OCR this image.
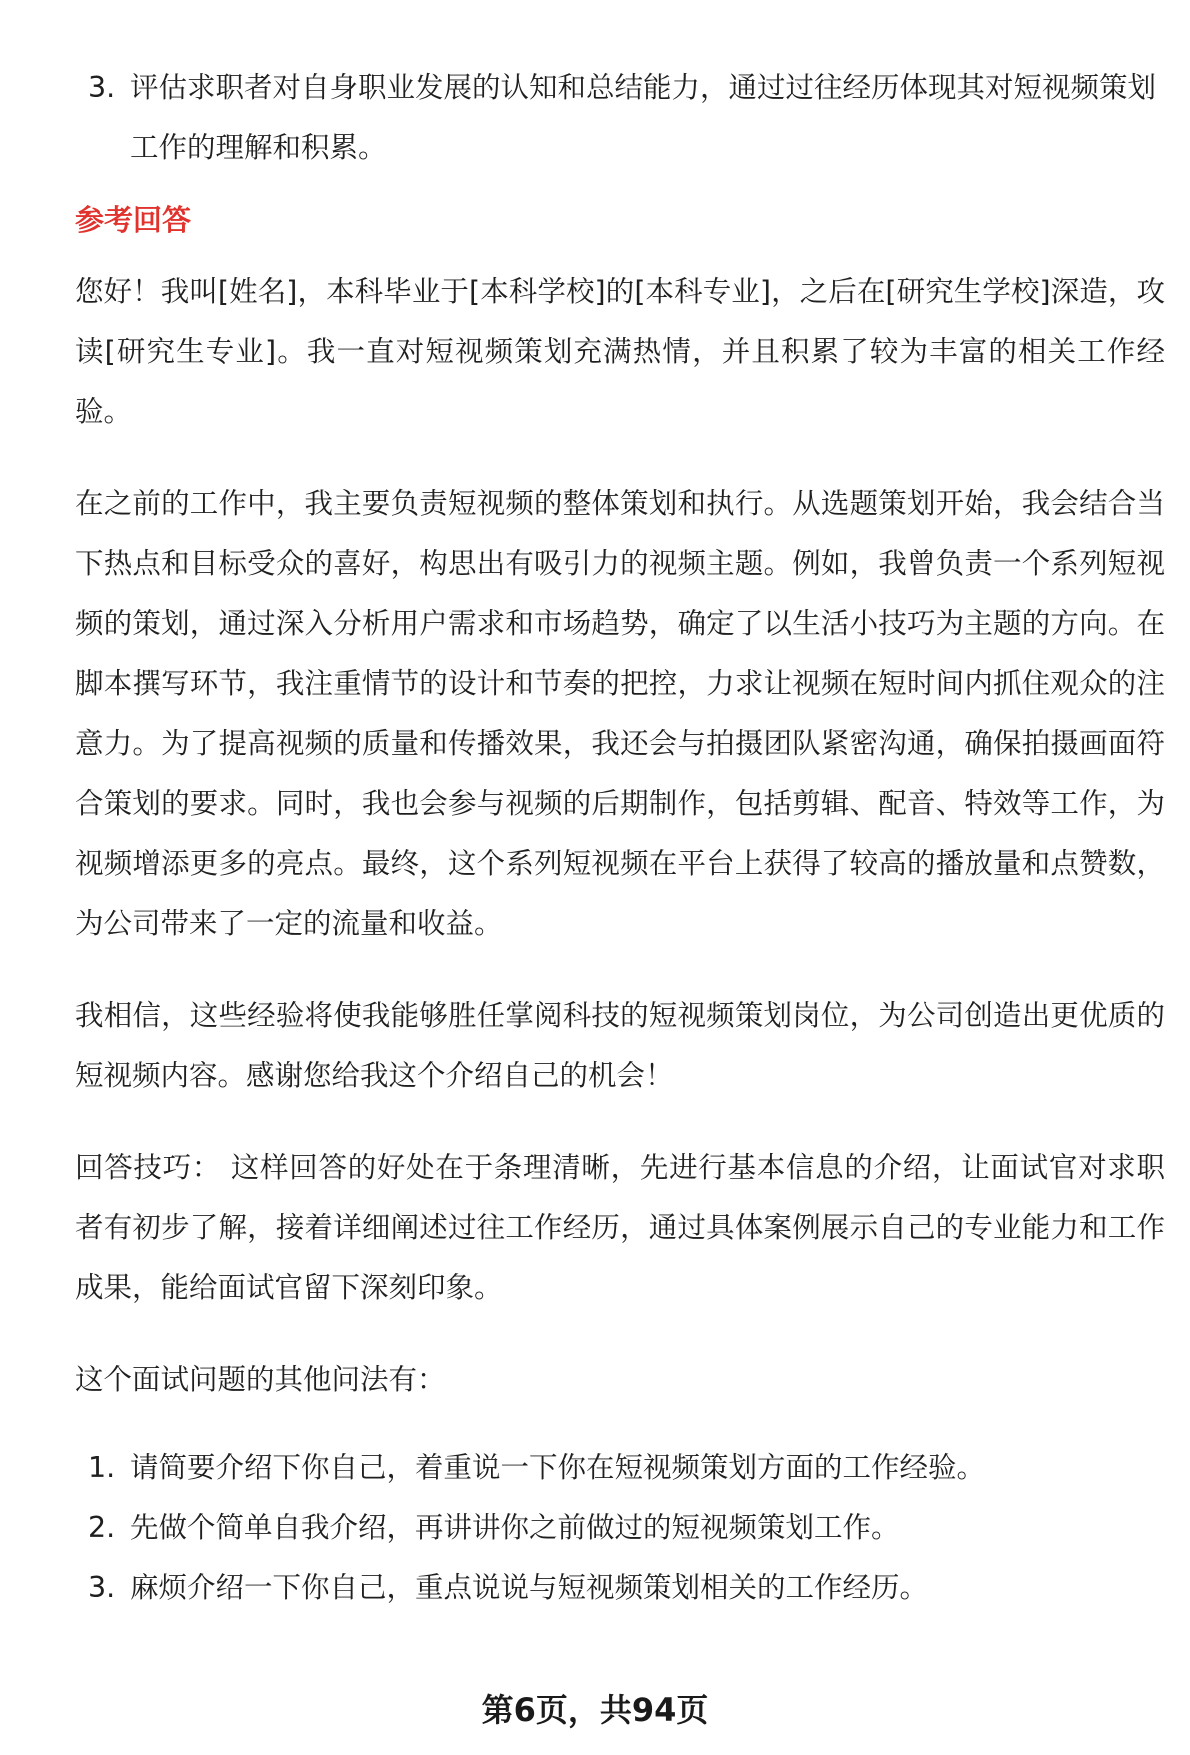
3. 评估求职者对自身职业发展的认知和总结能力，通过过往经历体现其对短视频策划工作的理解和积累。

参考回答

您好！我叫[姓名]，本科毕业于[本科学校]的[本科专业]，之后在[研究生学校]深造，攻读[研究生专业]。我一直对短视频策划充满热情，并且积累了较为丰富的相关工作经验。

在之前的工作中，我主要负责短视频的整体策划和执行。从选题策划开始，我会结合当下热点和目标受众的喜好，构思出有吸引力的视频主题。例如，我曾负责一个系列短视频的策划，通过深入分析用户需求和市场趋势，确定了以生活小技巧为主题的方向。在脚本撰写环节，我注重情节的设计和节奏的把控，力求让视频在短时间内抓住观众的注意力。为了提高视频的质量和传播效果，我还会与拍摄团队紧密沟通，确保拍摄画面符合策划的要求。同时，我也会参与视频的后期制作，包括剪辑、配音、特效等工作，为视频增添更多的亮点。最终，这个系列短视频在平台上获得了较高的播放量和点赞数，为公司带来了一定的流量和收益。

我相信，这些经验将使我能够胜任掌阅科技的短视频策划岗位，为公司创造出更优质的短视频内容。感谢您给我这个介绍自己的机会！

回答技巧： 这样回答的好处在于条理清晰，先进行基本信息的介绍，让面试官对求职者有初步了解，接着详细阐述过往工作经历，通过具体案例展示自己的专业能力和工作成果，能给面试官留下深刻印象。

这个面试问题的其他问法有：

1. 请简要介绍下你自己，着重说一下你在短视频策划方面的工作经验。
2. 先做个简单自我介绍，再讲讲你之前做过的短视频策划工作。
3. 麻烦介绍一下你自己，重点说说与短视频策划相关的工作经历。
第6页，共94页
